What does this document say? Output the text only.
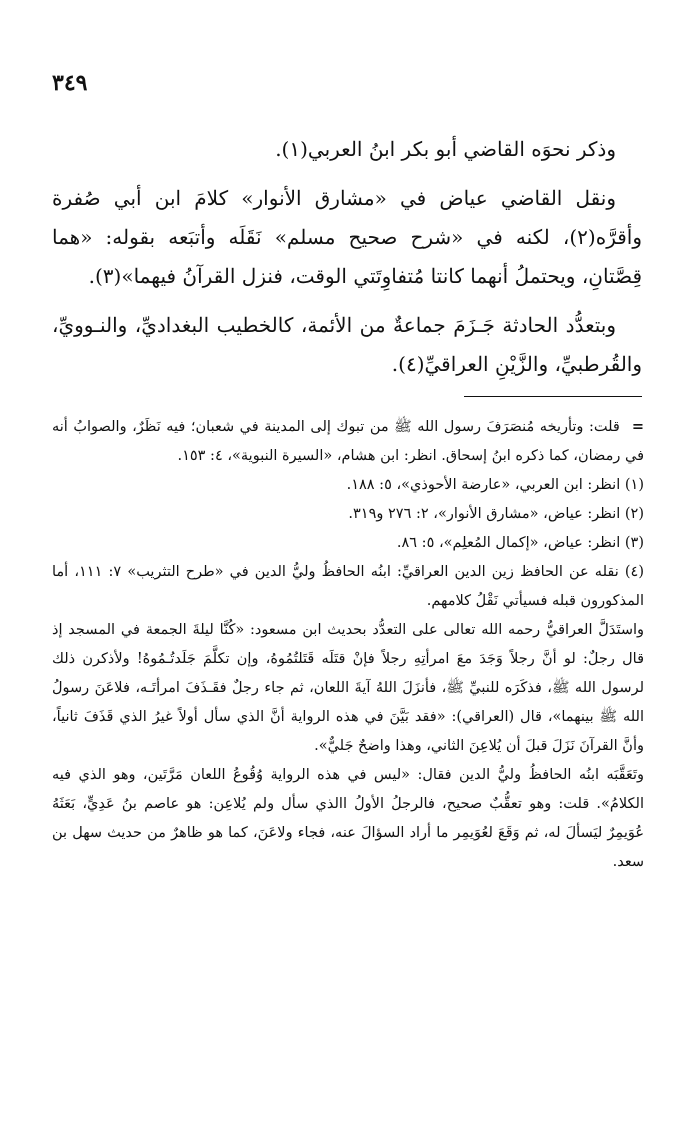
٣٤٩

وذكر نحوَه القاضي أبو بكر ابنُ العربي(١).

ونقل القاضي عياض في «مشارق الأنوار» كلامَ ابن أبي صُفرة وأقرَّه(٢)، لكنه في «شرح صحيح مسلم» نَقَلَه وأتبَعه بقوله: «هما قِصَّتانِ، ويحتملُ أنهما كانتا مُتفاوِتَتي الوقت، فنزل القرآنُ فيهما»(٣).

وبتعدُّد الحادثة جَـزَمَ جماعةٌ من الأئمة، كالخطيب البغداديِّ، والنـوويِّ، والقُرطبيِّ، والزَّيْنِ العراقيِّ(٤).

=قلت: وتأريخه مُنصَرَفَ رسول الله ﷺ من تبوك إلى المدينة في شعبان؛ فيه نَظَرٌ، والصوابُ أنه في رمضان، كما ذكره ابنُ إسحاق. انظر: ابن هشام، «السيرة النبوية»، ٤: ١٥٣.

(١) انظر: ابن العربي، «عارضة الأحوذي»، ٥: ١٨٨.

(٢) انظر: عياض، «مشارق الأنوار»، ٢: ٢٧٦ و٣١٩.

(٣) انظر: عياض، «إكمال المُعلِم»، ٥: ٨٦.

(٤) نقله عن الحافظ زين الدين العراقيِّ: ابنُه الحافظُ وليُّ الدين في «طرح التثريب» ٧: ١١١، أما المذكورون قبله فسيأتي نَقْلُ كلامهم.

واستَدَلَّ العراقيُّ رحمه الله تعالى على التعدُّد بحديث ابن مسعود: «كُنَّا ليلةَ الجمعة في المسجد إذ قال رجلٌ: لو أنَّ رجلاً وَجَدَ معَ امرأتِهِ رجلاً فإنْ قتَلَه قَتَلتُمُوهُ، وإن تكلَّمَ جَلَدتُـمُوهُ! ولأذكرن ذلك لرسول الله ﷺ، فذكَرَه للنبيِّ ﷺ، فأنزَلَ اللهُ آيةَ اللعان، ثم جاء رجلٌ فقَـذَفَ امرأتَـه، فلاعَنَ رسولُ الله ﷺ بينهما»، قال (العراقي): «فقد بَيَّنَ في هذه الرواية أنَّ الذي سأل أولاً غيرُ الذي قَذَفَ ثانياً، وأنَّ القرآنَ نَزَلَ قبلَ أن يُلاعِنَ الثاني، وهذا واضحٌ جَليٌّ».

وتَعَقَّبَه ابنُه الحافظُ وليُّ الدين فقال: «ليس في هذه الرواية وُقُوعُ اللعان مَرَّتَين، وهو الذي فيه الكلامُ». قلت: وهو تعقُّبٌ صحيح، فالرجلُ الأولُ االذي سأل ولم يُلاعِن: هو عاصم بنُ عَدِيٍّ، بَعَثَهُ عُوَيمِرٌ ليَسألَ له، ثم وَقَعَ لعُوَيمِر ما أراد السؤالَ عنه، فجاء ولاعَنَ، كما هو ظاهرٌ من حديث سهل بن سعد.
